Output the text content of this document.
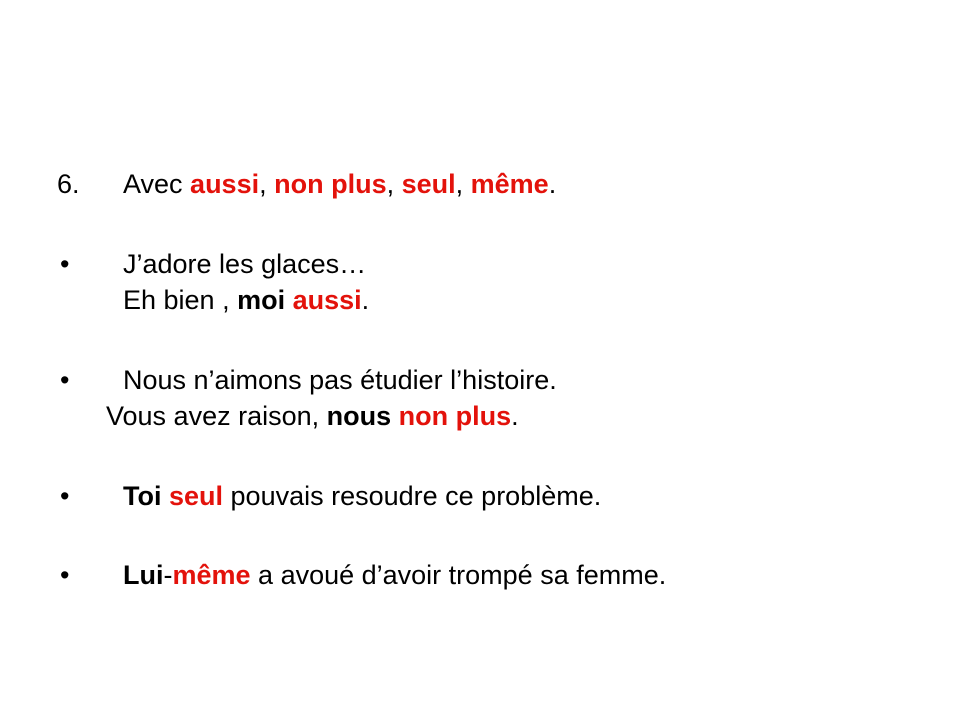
6. Avec aussi, non plus, seul, même.
• J’adore les glaces…
Eh bien , moi aussi.
• Nous n’aimons pas étudier l’histoire.
Vous avez raison, nous non plus.
• Toi seul pouvais resoudre ce problème.
• Lui-même a avoué d’avoir trompé sa femme.
